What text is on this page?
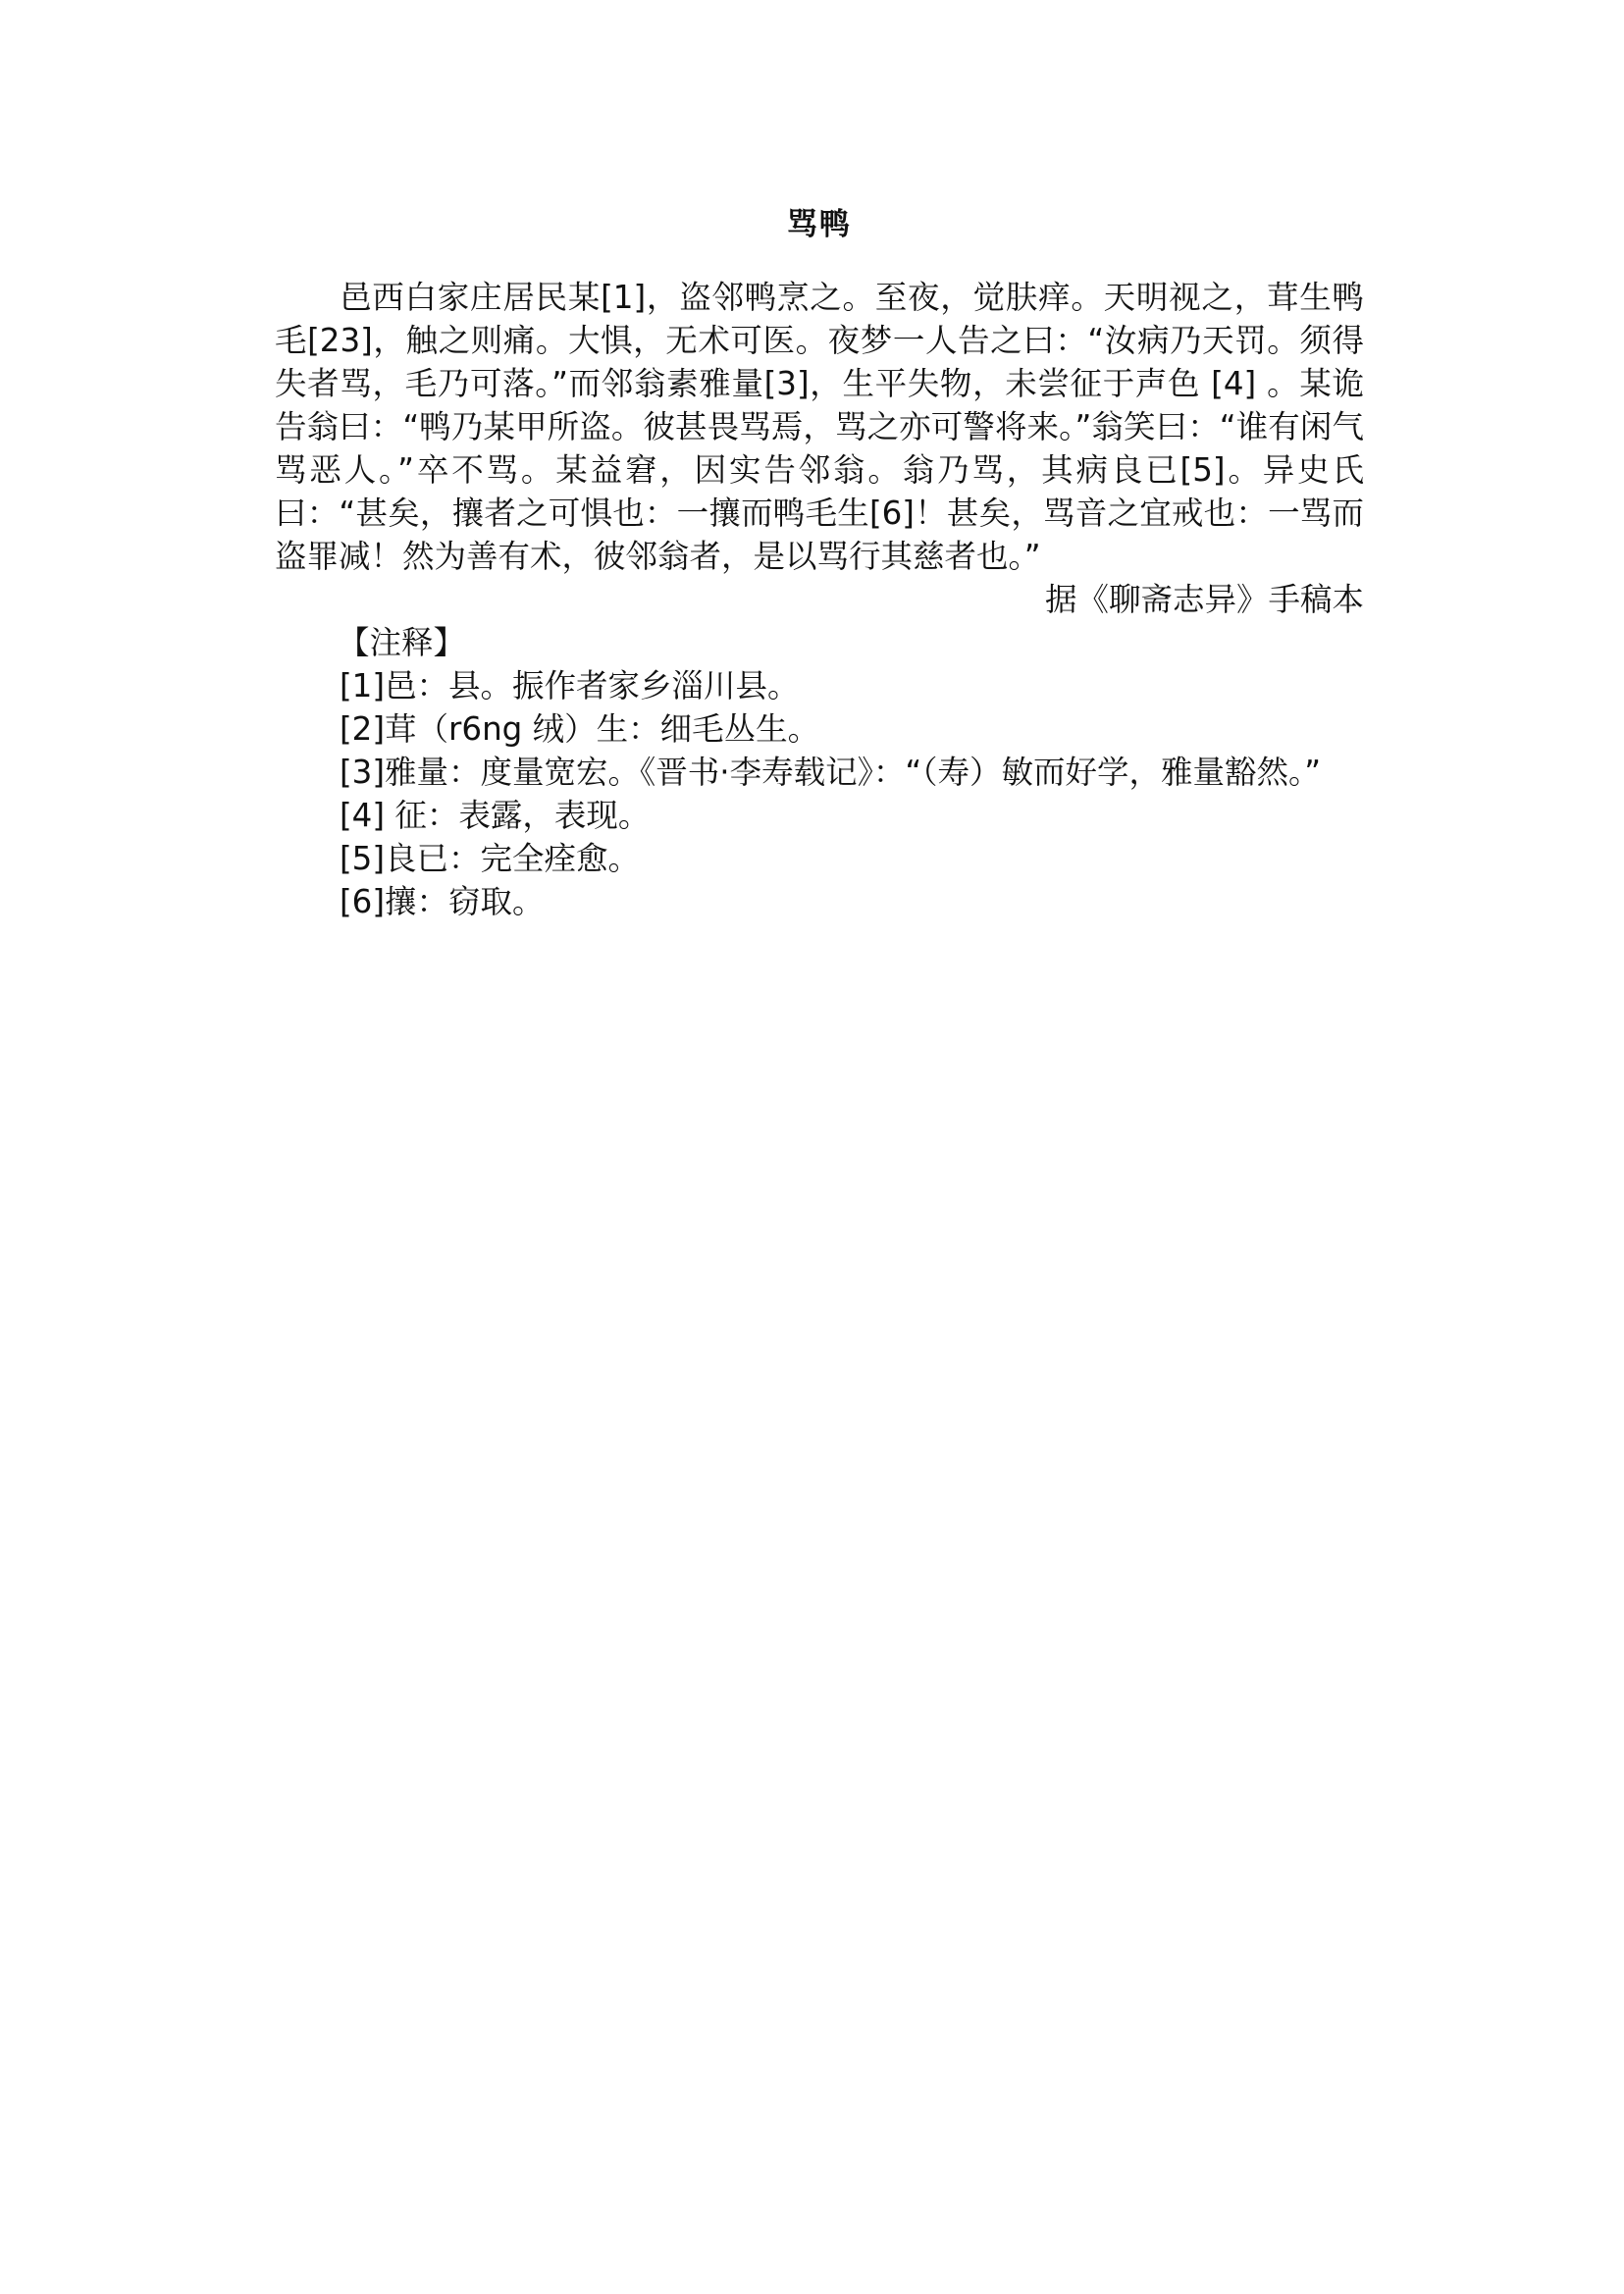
骂鸭

邑西白家庄居民某[1]，盗邻鸭烹之。至夜，觉肤痒。天明视之，茸生鸭毛[23]，触之则痛。大惧，无术可医。夜梦一人告之曰：“汝病乃天罚。须得失者骂，毛乃可落。”而邻翁素雅量[3]，生平失物，未尝征于声色 [4] 。某诡告翁曰：“鸭乃某甲所盗。彼甚畏骂焉，骂之亦可警将来。”翁笑曰：“谁有闲气骂恶人。”卒不骂。某益窘，因实告邻翁。翁乃骂，其病良已[5]。异史氏曰：“甚矣，攘者之可惧也：一攘而鸭毛生[6]！甚矣，骂音之宜戒也：一骂而盗罪减！然为善有术，彼邻翁者，是以骂行其慈者也。”

据《聊斋志异》手稿本

【注释】

[1]邑：县。振作者家乡淄川县。

[2]茸（r6ng 绒）生：细毛丛生。

[3]雅量：度量宽宏。《晋书·李寿载记》：“（寿）敏而好学，雅量豁然。”

[4] 征：表露，表现。

[5]良已：完全痊愈。

[6]攘：窃取。
